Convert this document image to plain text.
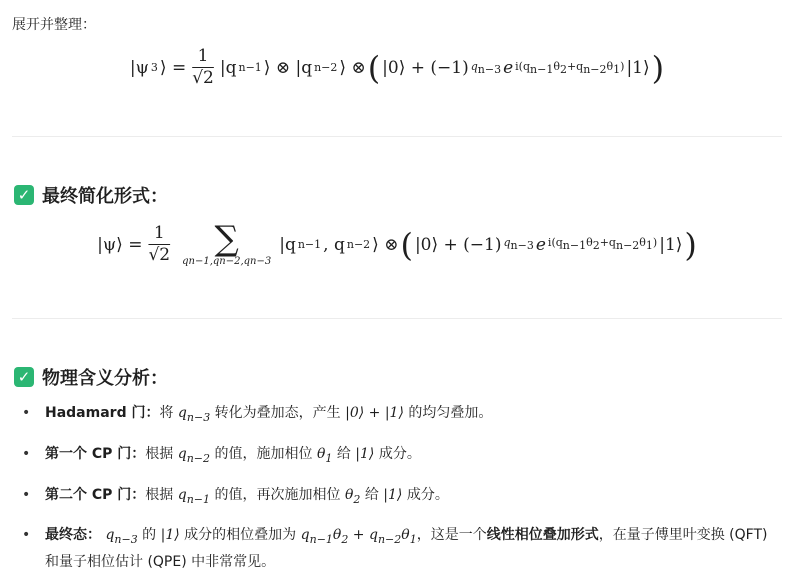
展开并整理：
|ψ 3 ⟩ = $\frac{1}{√2} |q$ n−1 ⟩ ⊗ |q n−2 ⟩ ⊗ ( |0⟩ + (−1) $q_{n-3}$ e $i(q_{n-1}\theta_2+q_{n-2}\theta_1)$ |1⟩ )
✓ 最终简化形式：
|ψ⟩ = $\frac{1}{√2}$ ∑
qn−1,qn−2,qn−3
|q n−1 , q n−2 ⟩ ⊗ ( |0⟩ + (−1) $q_{n-3}$ e $i(q_{n-1}\theta_2+q_{n-2}\theta_1)$ |1⟩ )
✓ 物理含义分析：
• Hadamard 门：将 $q_{n-3}$ 转化为叠加态，产生 |0⟩ + |1⟩ 的均匀叠加。
• 第一个 CP 门：根据 $q_{n-2}$ 的值，施加相位 $\theta_1$ 给 |1⟩ 成分。
• 第二个 CP 门：根据 $q_{n-1}$ 的值，再次施加相位 $\theta_2$ 给 |1⟩ 成分。
• 最终态： $q_{n-3}$ 的 |1⟩ 成分的相位叠加为 $q_{n-1}\theta_2 + q_{n-2}\theta_1$，这是一个线性相位叠加形式，在量子傅里叶变换 (QFT) 和量子相位估计 (QPE) 中非常常见。
